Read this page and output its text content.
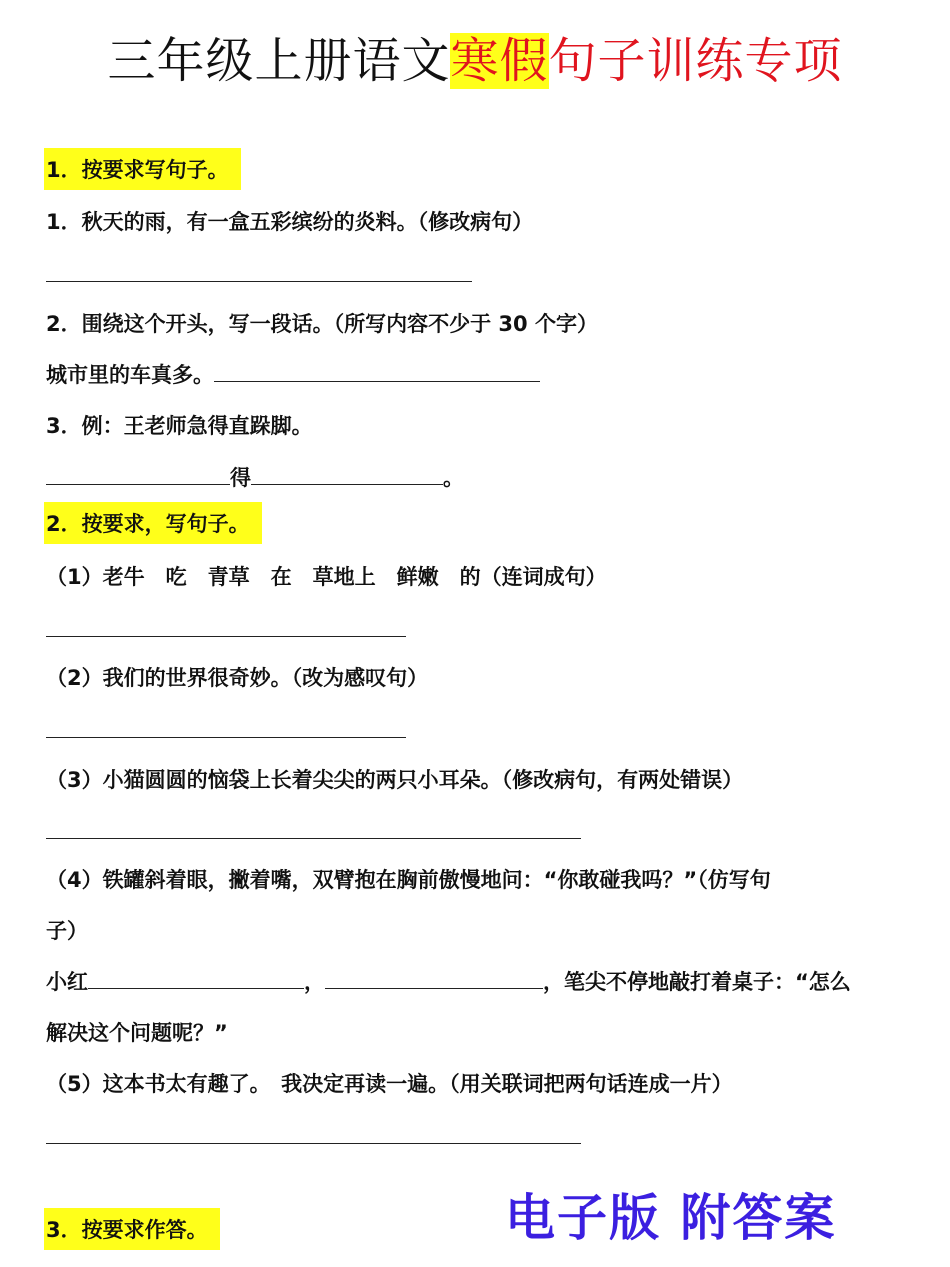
三年级上册语文寒假句子训练专项
1．按要求写句子。
1．秋天的雨，有一盒五彩缤纷的炎料。（修改病句）
2．围绕这个开头，写一段话。（所写内容不少于 30 个字）
城市里的车真多。
3．例：王老师急得直跺脚。
得	。
2．按要求，写句子。
（1）老牛　吃　青草　在　草地上　鲜嫩　的（连词成句）
（2）我们的世界很奇妙。（改为感叹句）
（3）小猫圆圆的恼袋上长着尖尖的两只小耳朵。（修改病句，有两处错误）
（4）铁罐斜着眼，撇着嘴，双臂抱在胸前傲慢地问：“你敢碰我吗？”（仿写句
子）
小红	，	，笔尖不停地敲打着桌子：“怎么
解决这个问题呢？”
（5）这本书太有趣了。　我决定再读一遍。（用关联词把两句话连成一片）
3．按要求作答。	电子版 附答案
